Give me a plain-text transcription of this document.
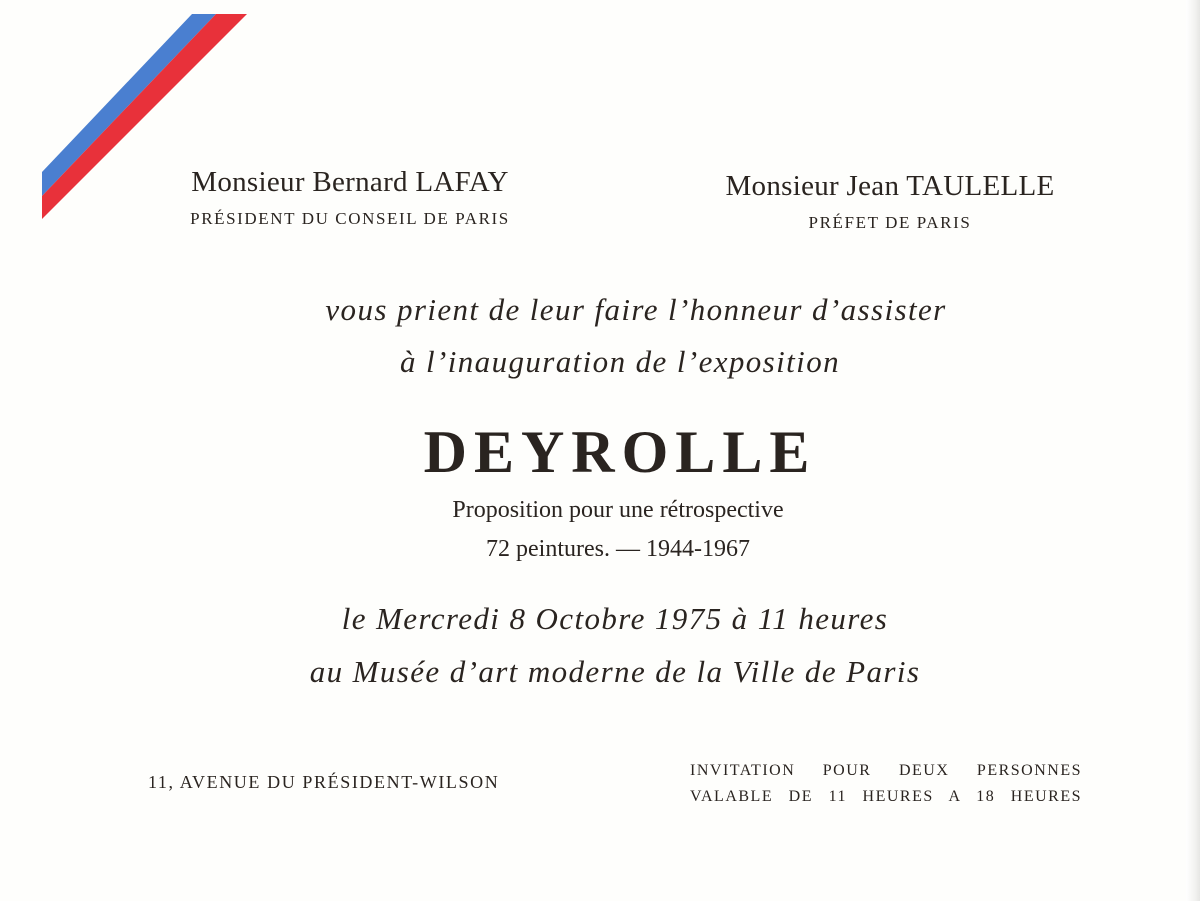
Monsieur Bernard LAFAY
PRÉSIDENT DU CONSEIL DE PARIS
Monsieur Jean TAULELLE
PRÉFET DE PARIS
vous prient de leur faire l’honneur d’assister
à l’inauguration de l’exposition
DEYROLLE
Proposition pour une rétrospective
72 peintures. — 1944-1967
le Mercredi 8 Octobre 1975 à 11 heures
au Musée d’art moderne de la Ville de Paris
11, AVENUE DU PRÉSIDENT-WILSON
INVITATION POUR DEUX PERSONNES
VALABLE DE 11 HEURES A 18 HEURES
